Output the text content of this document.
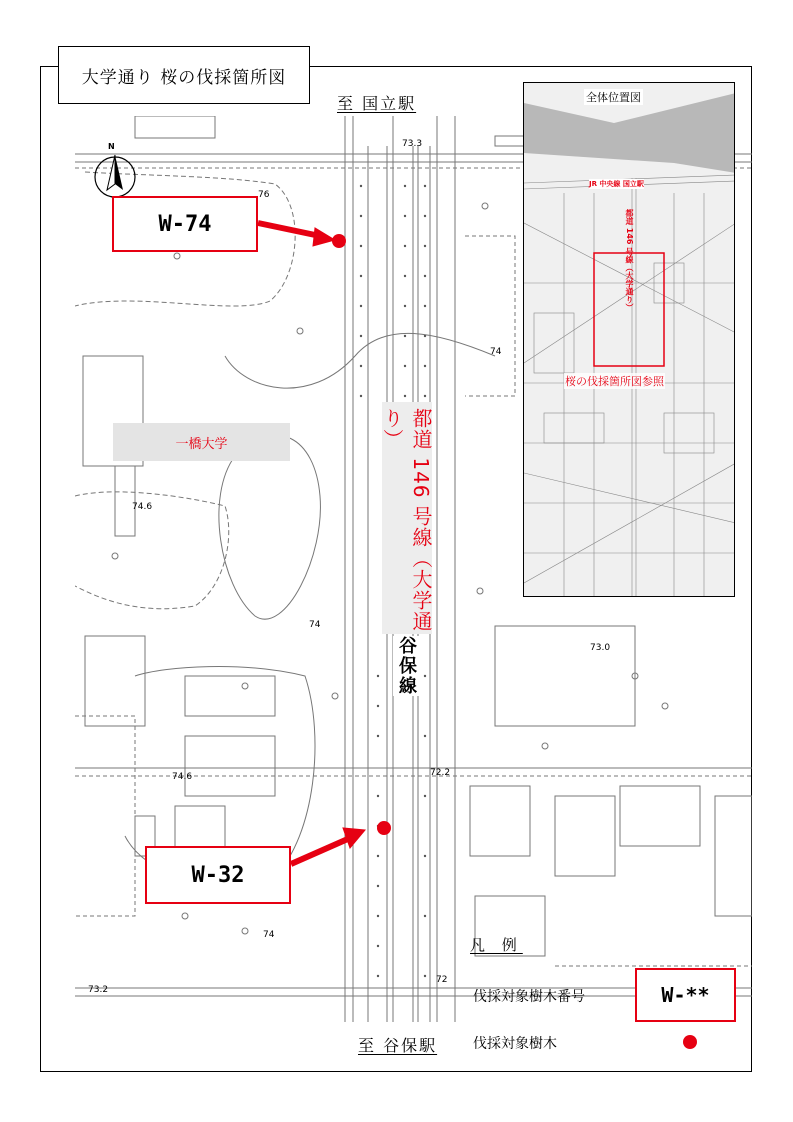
73.3
76
74
74.6
74
73.0
72.2
74.6
74
73.2
72
大学通り 桜の伐採箇所図
至 国立駅
至 谷保駅
N
一橋大学	都道 146 号線（大学通り）
谷保線
W-74
W-32
全体位置図
JR 中央線 国立駅
都道 146 号線（大学通り）
桜の伐採箇所図参照
凡 例
伐採対象樹木番号	W-**
伐採対象樹木
